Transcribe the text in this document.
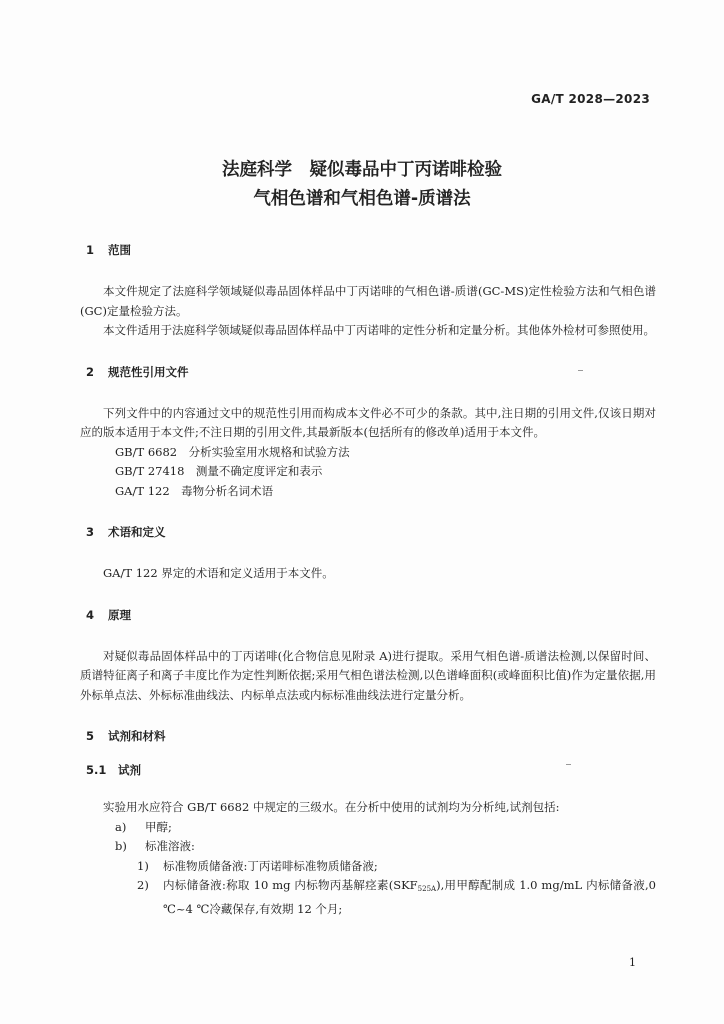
GA/T 2028—2023
法庭科学　疑似毒品中丁丙诺啡检验
气相色谱和气相色谱-质谱法
1	范围

本文件规定了法庭科学领域疑似毒品固体样品中丁丙诺啡的气相色谱-质谱(GC-MS)定性检验方法和气相色谱(GC)定量检验方法。

本文件适用于法庭科学领域疑似毒品固体样品中丁丙诺啡的定性分析和定量分析。其他体外检材可参照使用。

2	规范性引用文件

下列文件中的内容通过文中的规范性引用而构成本文件必不可少的条款。其中,注日期的引用文件,仅该日期对应的版本适用于本文件;不注日期的引用文件,其最新版本(包括所有的修改单)适用于本文件。

GB/T 6682　分析实验室用水规格和试验方法
GB/T 27418　测量不确定度评定和表示
GA/T 122　毒物分析名词术语
3	术语和定义

GA/T 122 界定的术语和定义适用于本文件。

4	原理

对疑似毒品固体样品中的丁丙诺啡(化合物信息见附录 A)进行提取。采用气相色谱-质谱法检测,以保留时间、质谱特征离子和离子丰度比作为定性判断依据;采用气相色谱法检测,以色谱峰面积(或峰面积比值)作为定量依据,用外标单点法、外标标准曲线法、内标单点法或内标标准曲线法进行定量分析。

5	试剂和材料
5.1	试剂

实验用水应符合 GB/T 6682 中规定的三级水。在分析中使用的试剂均为分析纯,试剂包括:

a)	甲醇;
b)	标准溶液:
1)	标准物质储备液:丁丙诺啡标准物质储备液;
2)	内标储备液:称取 10 mg 内标物丙基解痉素(SKF525A),用甲醇配制成 1.0 mg/mL 内标储备液,0 ℃~4 ℃冷藏保存,有效期 12 个月;
1
